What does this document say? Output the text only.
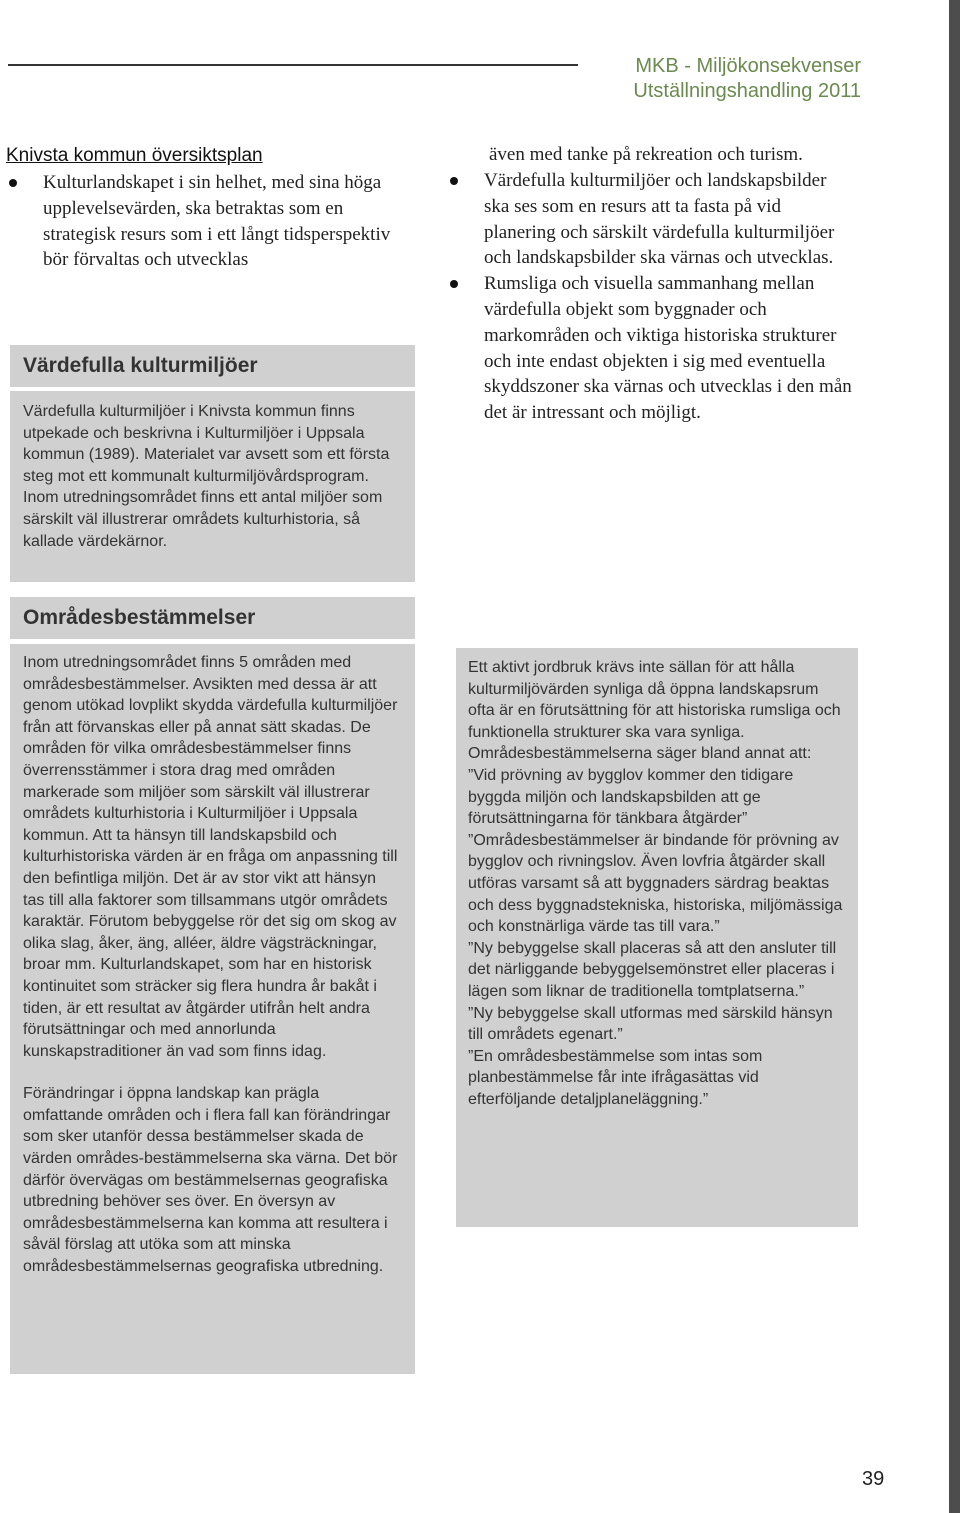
MKB - Miljökonsekvenser
Utställningshandling 2011
Knivsta kommun översiktsplan
Kulturlandskapet i sin helhet, med sina höga upplevelsevärden, ska betraktas som en strategisk resurs som i ett långt tidsperspektiv bör förvaltas och utvecklas
även med tanke på rekreation och turism.
Värdefulla kulturmiljöer och landskapsbilder ska ses som en resurs att ta fasta på vid planering och särskilt värdefulla kulturmiljöer och landskapsbilder ska värnas och utvecklas.
Rumsliga och visuella sammanhang mellan värdefulla objekt som byggnader och markområden och viktiga historiska strukturer och inte endast objekten i sig med eventuella skyddszoner ska värnas och utvecklas i den mån det är intressant och möjligt.
Värdefulla kulturmiljöer

Värdefulla kulturmiljöer i Knivsta kommun finns utpekade och beskrivna i Kulturmiljöer i Uppsala kommun (1989). Materialet var avsett som ett första steg mot ett kommunalt kulturmiljövårdsprogram. Inom utredningsområdet finns ett antal miljöer som särskilt väl illustrerar områdets kulturhistoria, så kallade värdekärnor.

Områdesbestämmelser

Inom utredningsområdet finns 5 områden med områdesbestämmelser. Avsikten med dessa är att genom utökad lovplikt skydda värdefulla kulturmiljöer från att förvanskas eller på annat sätt skadas. De områden för vilka områdesbestämmelser finns överrensstämmer i stora drag med områden markerade som miljöer som särskilt väl illustrerar områdets kulturhistoria i Kulturmiljöer i Uppsala kommun. Att ta hänsyn till landskapsbild och kulturhistoriska värden är en fråga om anpassning till den befintliga miljön. Det är av stor vikt att hänsyn tas till alla faktorer som tillsammans utgör områdets karaktär. Förutom bebyggelse rör det sig om skog av olika slag, åker, äng, alléer, äldre vägsträckningar, broar mm. Kulturlandskapet, som har en historisk kontinuitet som sträcker sig flera hundra år bakåt i tiden, är ett resultat av åtgärder utifrån helt andra förutsättningar och med annorlunda kunskapstraditioner än vad som finns idag.

Förändringar i öppna landskap kan prägla omfattande områden och i flera fall kan förändringar som sker utanför dessa bestämmelser skada de värden områdes-bestämmelserna ska värna. Det bör därför övervägas om bestämmelsernas geografiska utbredning behöver ses över. En översyn av områdesbestämmelserna kan komma att resultera i såväl förslag att utöka som att minska områdesbestämmelsernas geografiska utbredning.

Ett aktivt jordbruk krävs inte sällan för att hålla kulturmiljövärden synliga då öppna landskapsrum ofta är en förutsättning för att historiska rumsliga och funktionella strukturer ska vara synliga.

Områdesbestämmelserna säger bland annat att:

”Vid prövning av bygglov kommer den tidigare byggda miljön och landskapsbilden att ge förutsättningarna för tänkbara åtgärder”

”Områdesbestämmelser är bindande för prövning av bygglov och rivningslov. Även lovfria åtgärder skall utföras varsamt så att byggnaders särdrag beaktas och dess byggnadstekniska, historiska, miljömässiga och konstnärliga värde tas till vara.”

”Ny bebyggelse skall placeras så att den ansluter till det närliggande bebyggelsemönstret eller placeras i lägen som liknar de traditionella tomtplatserna.”

”Ny bebyggelse skall utformas med särskild hänsyn till områdets egenart.”

”En områdesbestämmelse som intas som planbestämmelse får inte ifrågasättas vid efterföljande detaljplaneläggning.”

39
